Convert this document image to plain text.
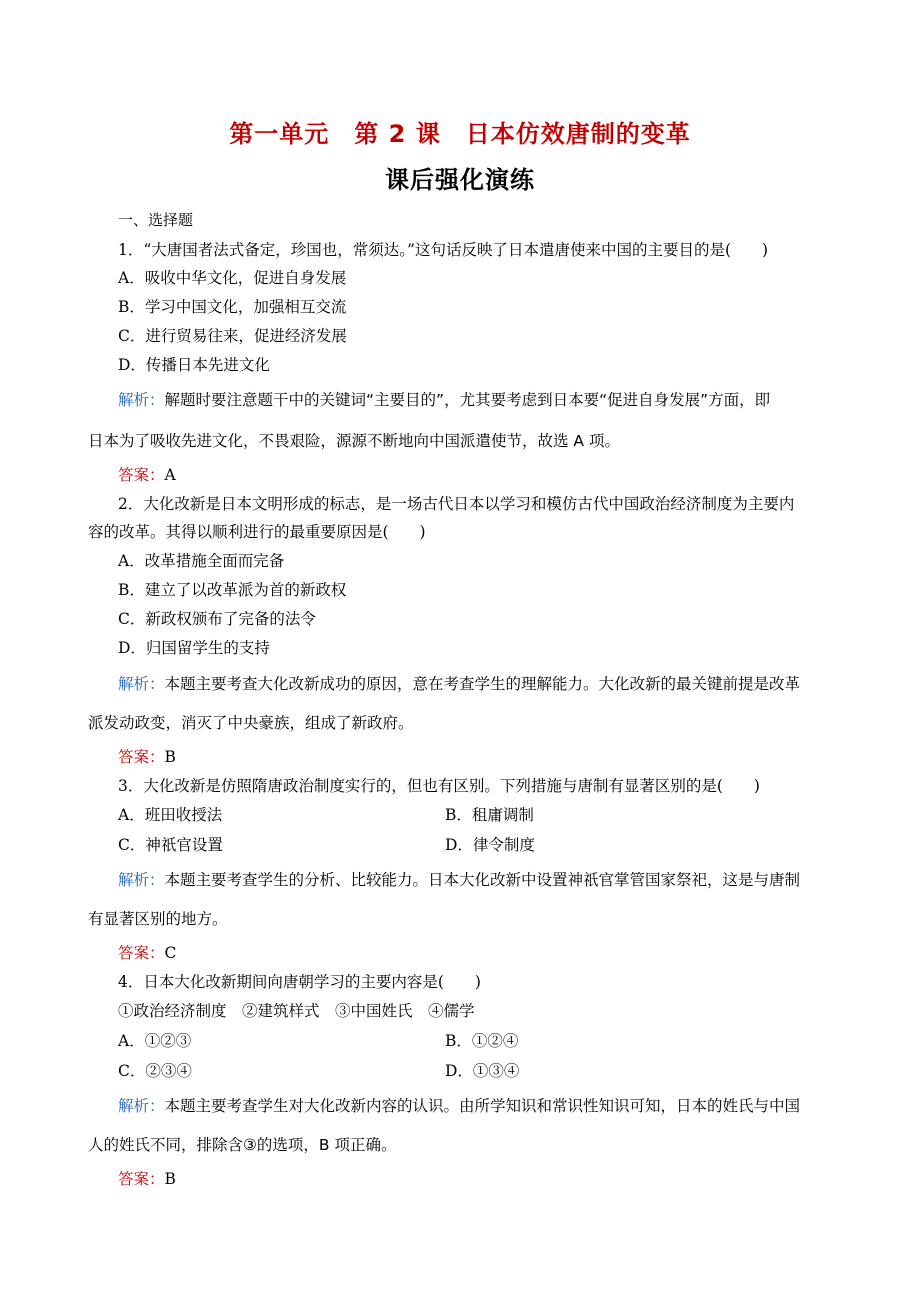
第一单元　第 2 课　日本仿效唐制的变革
课后强化演练
一、选择题
1．“大唐国者法式备定，珍国也，常须达。”这句话反映了日本遣唐使来中国的主要目的是(　　)
A．吸收中华文化，促进自身发展
B．学习中国文化，加强相互交流
C．进行贸易往来，促进经济发展
D．传播日本先进文化
解析：解题时要注意题干中的关键词“主要目的”，尤其要考虑到日本要“促进自身发展”方面，即
日本为了吸收先进文化，不畏艰险，源源不断地向中国派遣使节，故选 A 项。
答案：A
2．大化改新是日本文明形成的标志，是一场古代日本以学习和模仿古代中国政治经济制度为主要内
容的改革。其得以顺利进行的最重要原因是(　　)
A．改革措施全面而完备
B．建立了以改革派为首的新政权
C．新政权颁布了完备的法令
D．归国留学生的支持
解析：本题主要考查大化改新成功的原因，意在考查学生的理解能力。大化改新的最关键前提是改革
派发动政变，消灭了中央豪族，组成了新政府。
答案：B
3．大化改新是仿照隋唐政治制度实行的，但也有区别。下列措施与唐制有显著区别的是(　　)
A．班田收授法	B．租庸调制
C．神祇官设置	D．律令制度
解析：本题主要考查学生的分析、比较能力。日本大化改新中设置神祇官掌管国家祭祀，这是与唐制
有显著区别的地方。
答案：C
4．日本大化改新期间向唐朝学习的主要内容是(　　)
①政治经济制度　②建筑样式　③中国姓氏　④儒学
A．①②③	B．①②④
C．②③④	D．①③④
解析：本题主要考查学生对大化改新内容的认识。由所学知识和常识性知识可知，日本的姓氏与中国
人的姓氏不同，排除含③的选项，B 项正确。
答案：B
